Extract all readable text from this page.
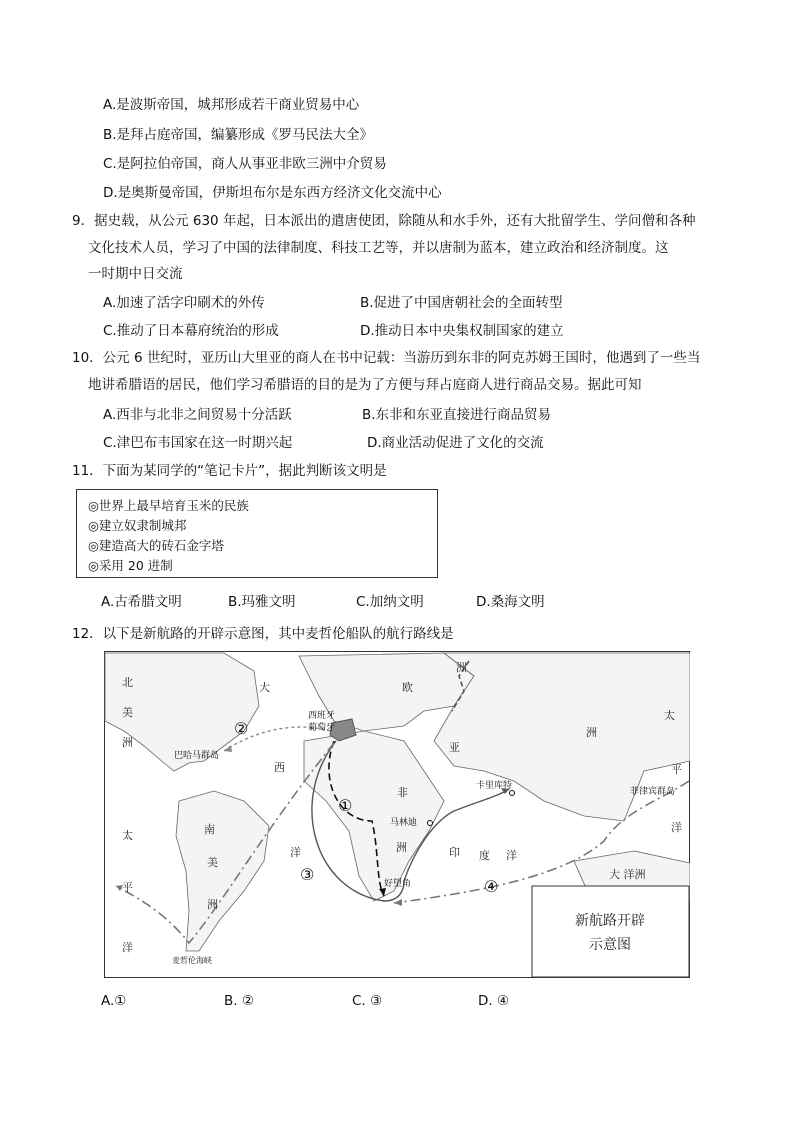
A.是波斯帝国，城邦形成若干商业贸易中心
B.是拜占庭帝国，编纂形成《罗马民法大全》
C.是阿拉伯帝国，商人从事亚非欧三洲中介贸易
D.是奥斯曼帝国，伊斯坦布尔是东西方经济文化交流中心
9．据史载，从公元 630 年起，日本派出的遣唐使团，除随从和水手外，还有大批留学生、学问僧和各种
文化技术人员，学习了中国的法律制度、科技工艺等，并以唐制为蓝本，建立政治和经济制度。这
一时期中日交流
A.加速了活字印刷术的外传	B.促进了中国唐朝社会的全面转型
C.推动了日本幕府统治的形成	D.推动日本中央集权制国家的建立
10．公元 6 世纪时，亚历山大里亚的商人在书中记载：当游历到东非的阿克苏姆王国时，他遇到了一些当
地讲希腊语的居民，他们学习希腊语的目的是为了方便与拜占庭商人进行商品交易。据此可知
A.西非与北非之间贸易十分活跃	B.东非和东亚直接进行商品贸易
C.津巴布韦国家在这一时期兴起	D.商业活动促进了文化的交流
11．下面为某同学的“笔记卡片”，据此判断该文明是
◎世界上最早培育玉米的民族
◎建立奴隶制城邦
◎建造高大的砖石金字塔
◎采用 20 进制
A.古希腊文明	B.玛雅文明	C.加纳文明	D.桑海文明
12．以下是新航路的开辟示意图，其中麦哲伦船队的航行路线是
北
美
洲
太
平
洋
大
西
洋
欧
洲
亚
洲
非
洲
南
美
洲
太
平
洋
印 度 洋
大 洋洲
麦哲伦海峡
西班牙
葡萄牙
巴哈马群岛
卡里库特
马林迪
好望角
菲律宾群岛
①
②
③
④
新航路开辟
示意图
A.①	B. ②	C. ③	D. ④
